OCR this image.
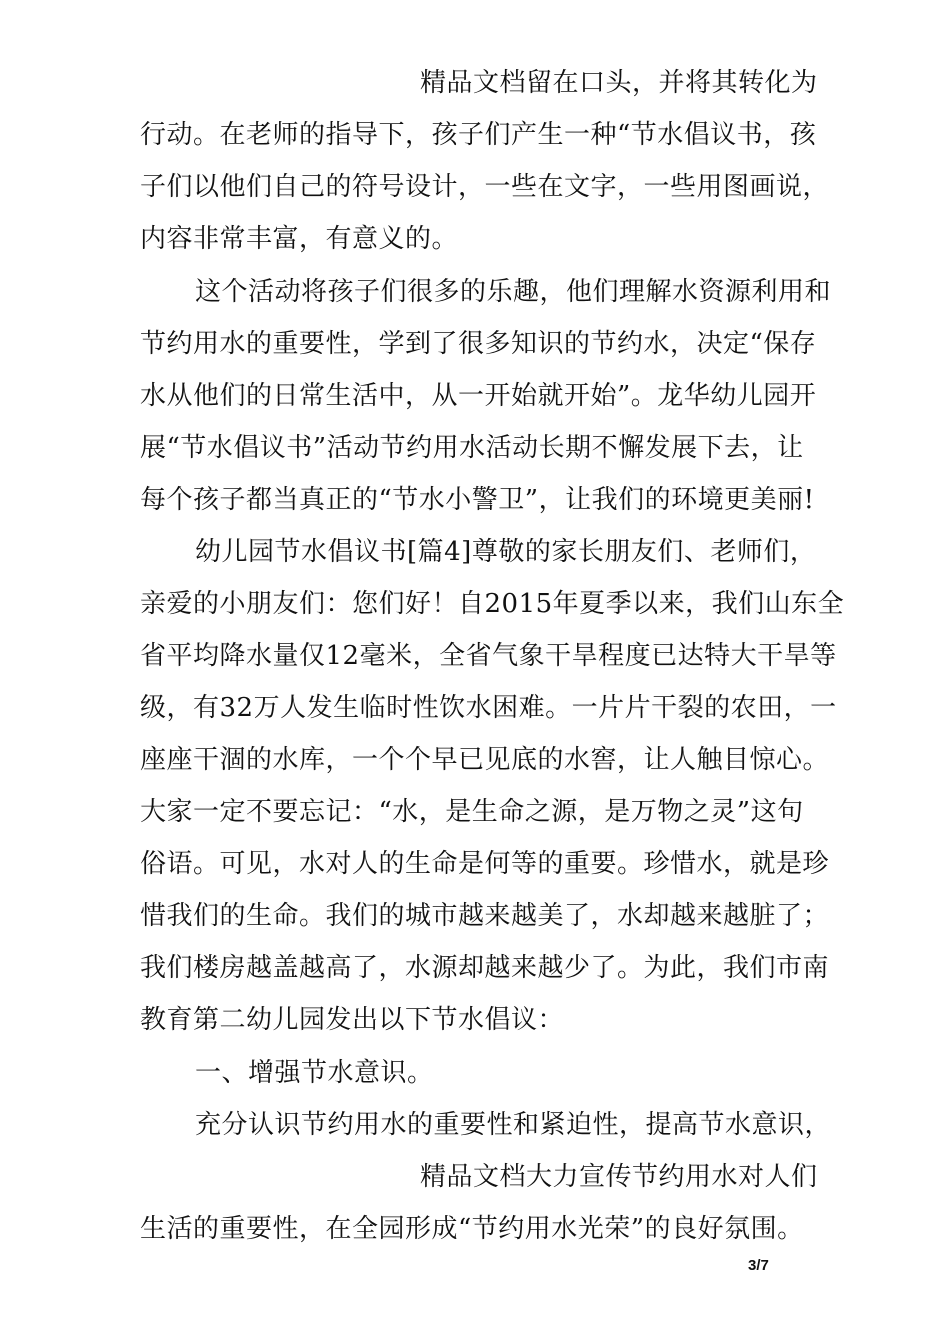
精品文档留在口头，并将其转化为
行动。在老师的指导下，孩子们产生一种“节水倡议书，孩
子们以他们自己的符号设计，一些在文字，一些用图画说，
内容非常丰富，有意义的。
这个活动将孩子们很多的乐趣，他们理解水资源利用和
节约用水的重要性，学到了很多知识的节约水，决定“保存
水从他们的日常生活中，从一开始就开始”。龙华幼儿园开
展“节水倡议书”活动节约用水活动长期不懈发展下去，让
每个孩子都当真正的“节水小警卫”，让我们的环境更美丽!
幼儿园节水倡议书[篇4]尊敬的家长朋友们、老师们，
亲爱的小朋友们：您们好！自2015年夏季以来，我们山东全
省平均降水量仅12毫米，全省气象干旱程度已达特大干旱等
级，有32万人发生临时性饮水困难。一片片干裂的农田，一
座座干涸的水库，一个个早已见底的水窖，让人触目惊心。
大家一定不要忘记：“水，是生命之源，是万物之灵”这句
俗语。可见，水对人的生命是何等的重要。珍惜水，就是珍
惜我们的生命。我们的城市越来越美了，水却越来越脏了；
我们楼房越盖越高了，水源却越来越少了。为此，我们市南
教育第二幼儿园发出以下节水倡议：
一、增强节水意识。
充分认识节约用水的重要性和紧迫性，提高节水意识，
精品文档大力宣传节约用水对人们
生活的重要性，在全园形成“节约用水光荣”的良好氛围。
3/7
